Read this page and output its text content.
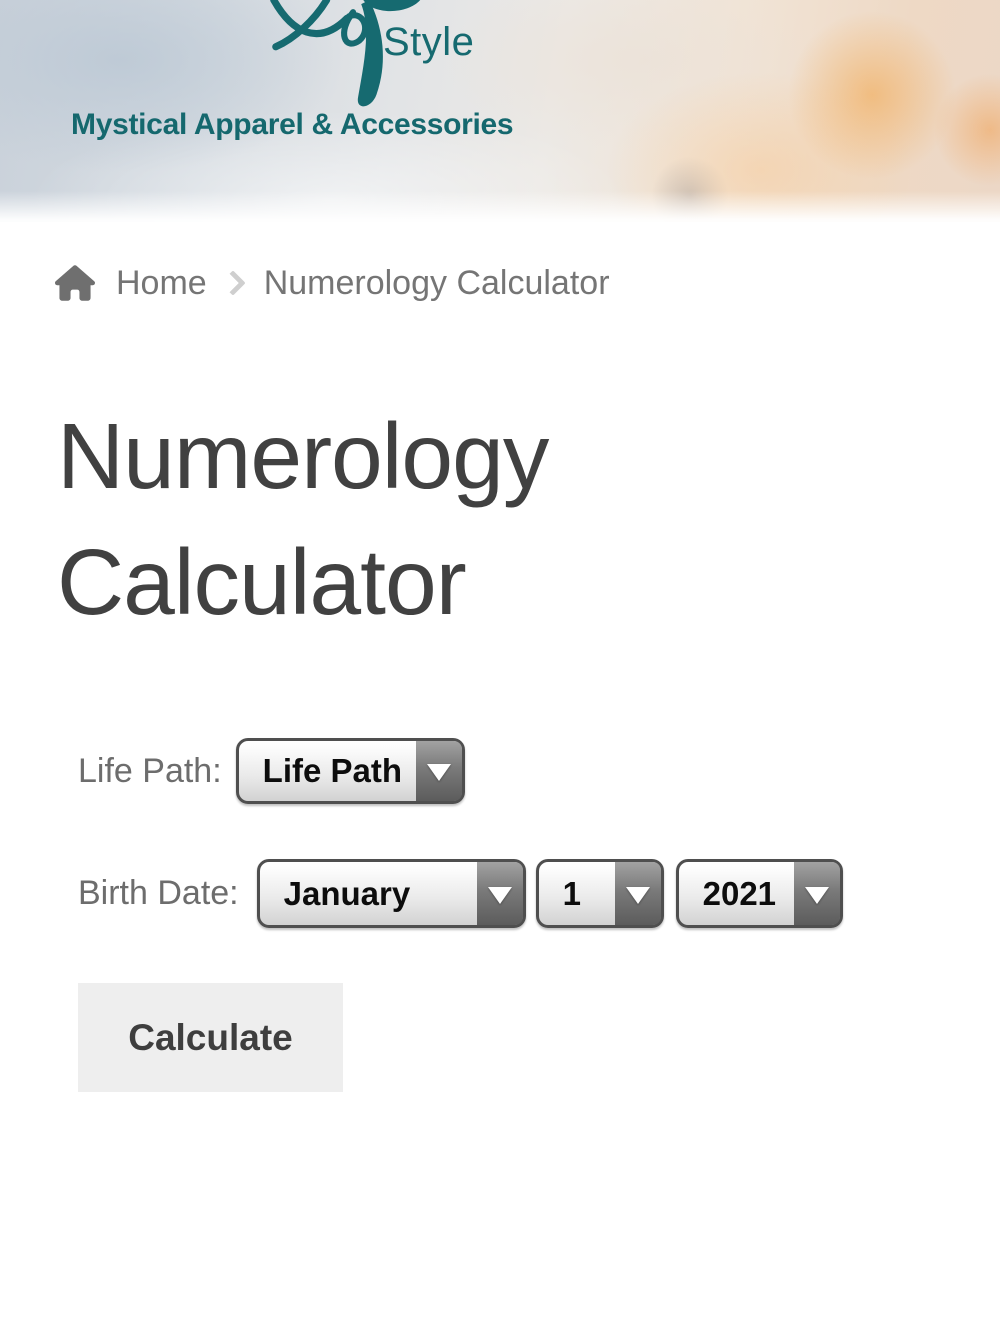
Style
Mystical Apparel & Accessories
Home Numerology Calculator
Numerology Calculator
Life Path:	Life Path
Birth Date:	January	1	2021
Calculate
